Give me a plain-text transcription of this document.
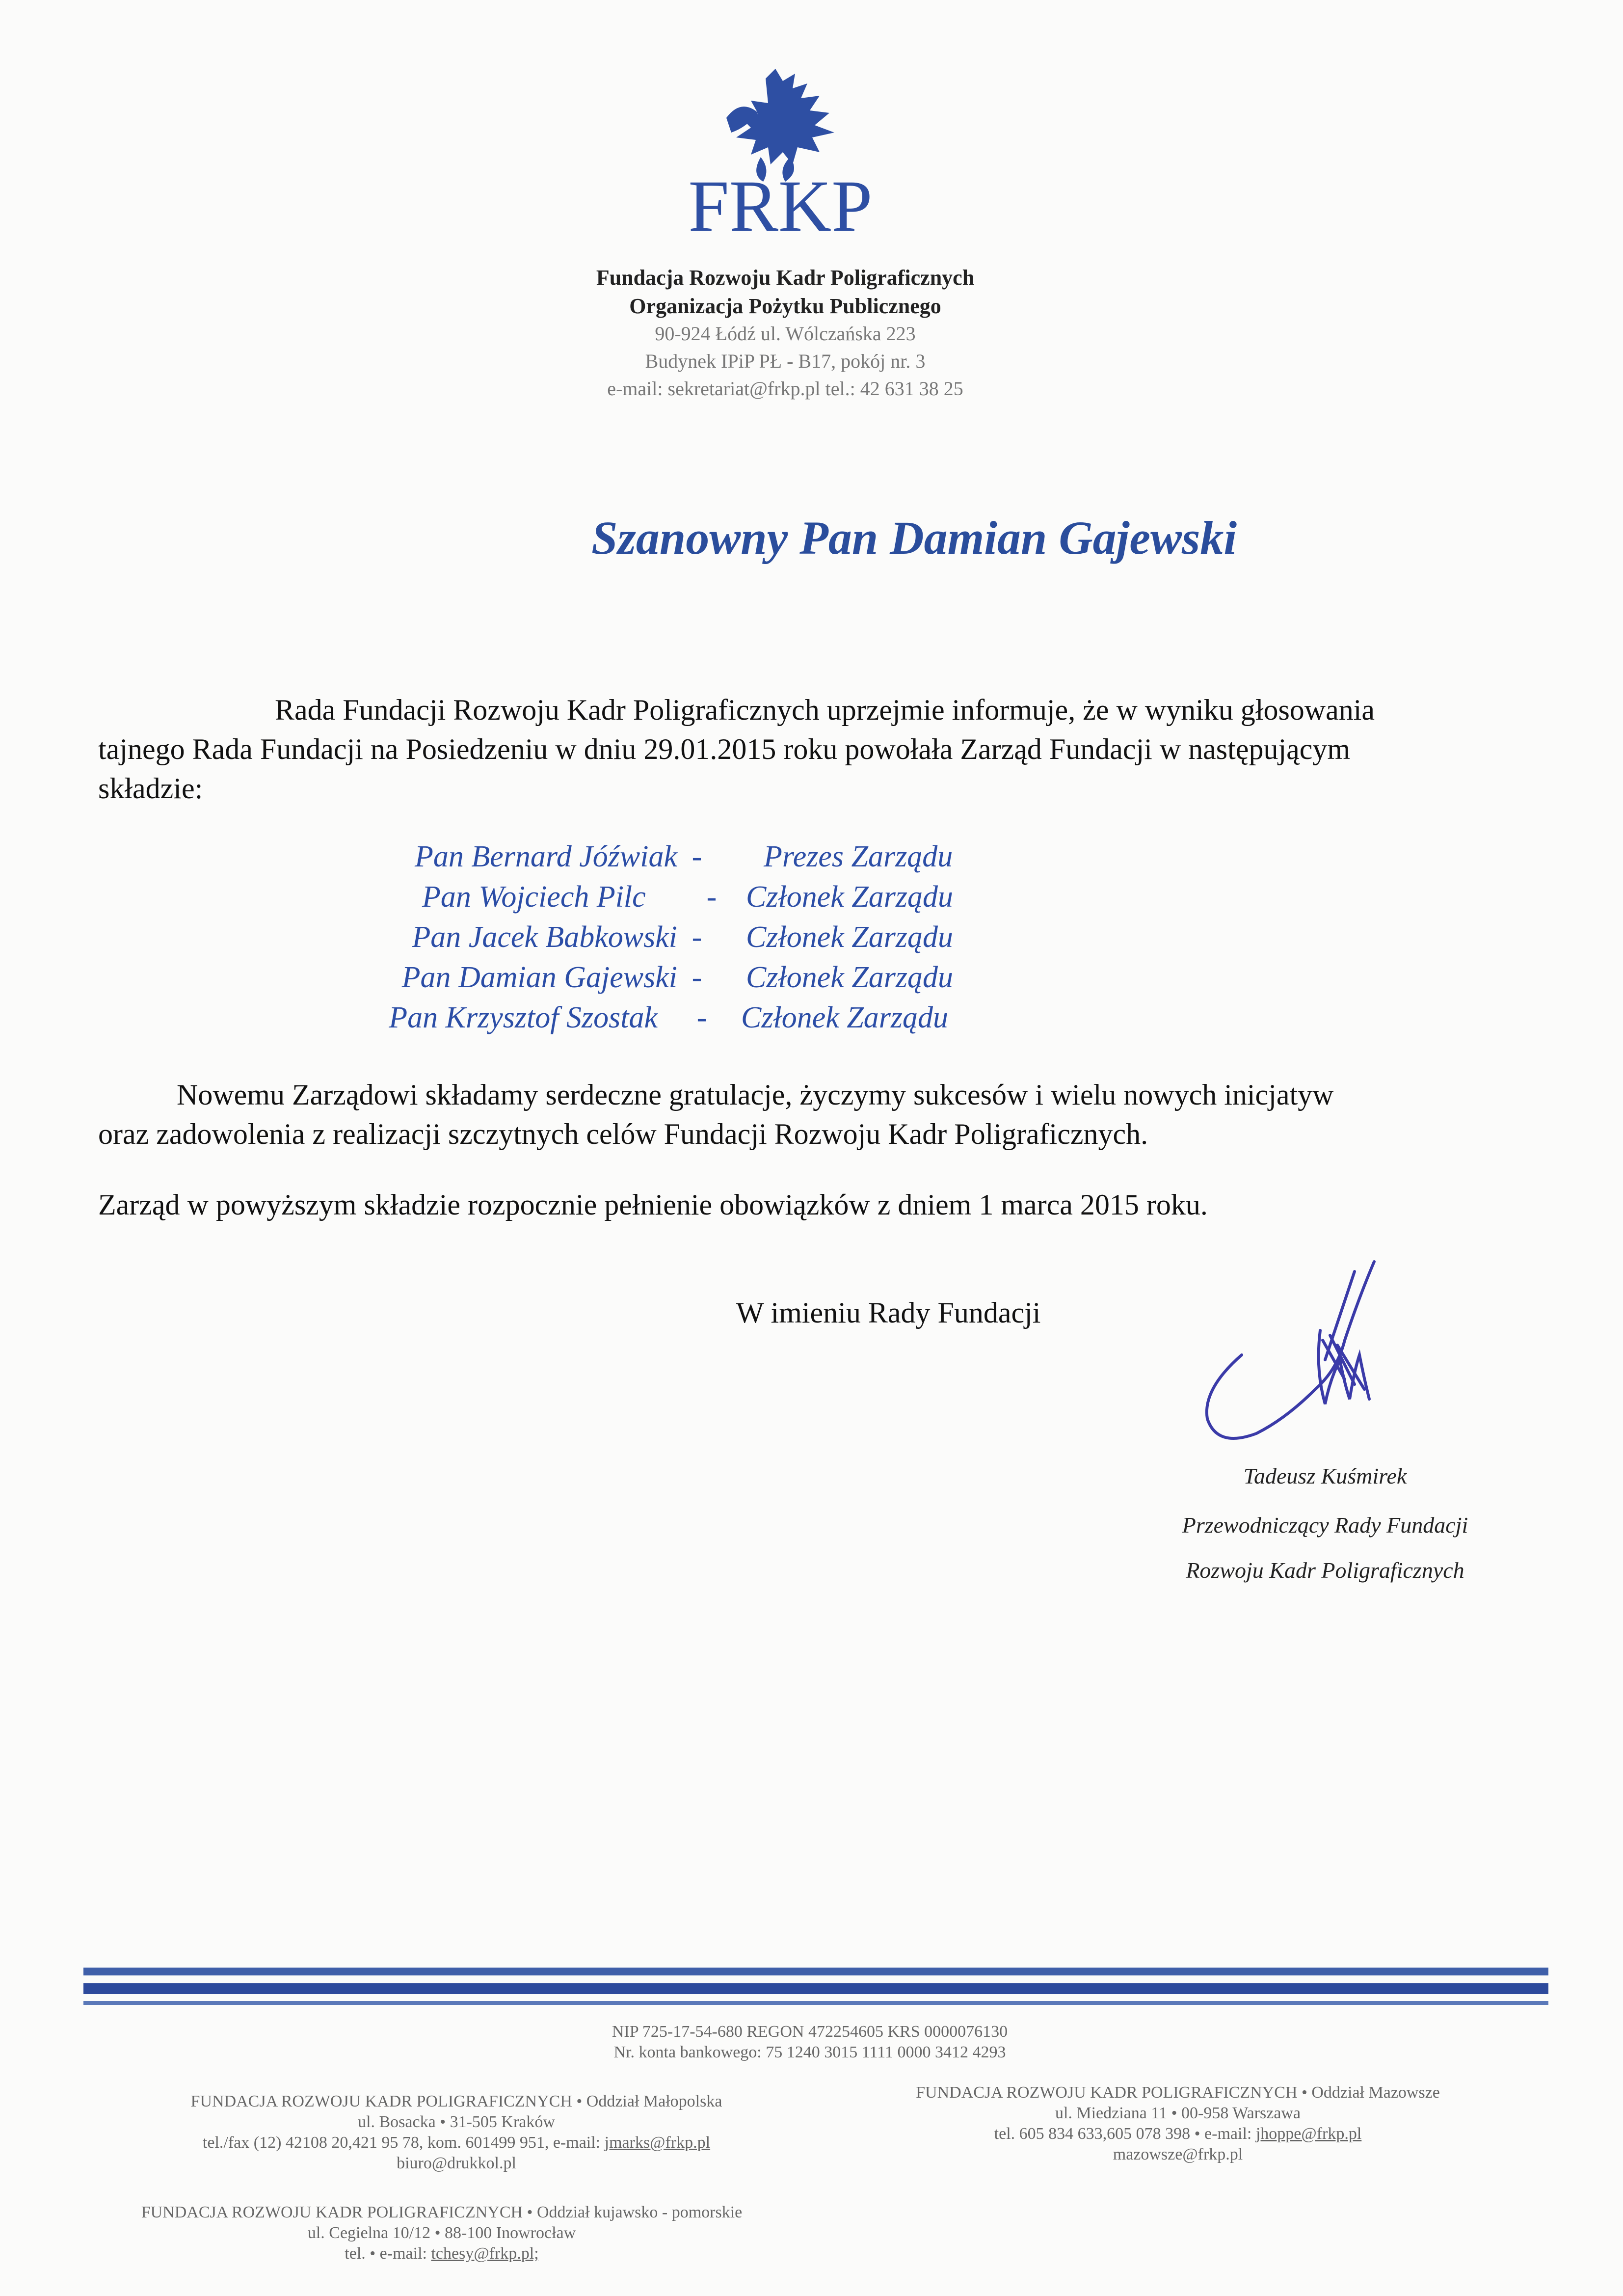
FRKP
Fundacja Rozwoju Kadr Poligraficznych
Organizacja Pożytku Publicznego
90-924 Łódź ul. Wólczańska 223
Budynek IPiP PŁ - B17, pokój nr. 3
e-mail: sekretariat@frkp.pl tel.: 42 631 38 25
Szanowny Pan Damian Gajewski
Rada Fundacji Rozwoju Kadr Poligraficznych uprzejmie informuje, że w wyniku głosowania
tajnego Rada Fundacji na Posiedzeniu w dniu 29.01.2015 roku powołała Zarząd Fundacji w następującym
składzie:
Pan Bernard Jóźwiak -	Prezes Zarządu
Pan Wojciech Pilc	- Członek Zarządu
Pan Jacek Babkowski -	Członek Zarządu
Pan Damian Gajewski -	Członek Zarządu
Pan Krzysztof Szostak	-	Członek Zarządu
Nowemu Zarządowi składamy serdeczne gratulacje, życzymy sukcesów i wielu nowych inicjatyw
oraz zadowolenia z realizacji szczytnych celów Fundacji Rozwoju Kadr Poligraficznych.
Zarząd w powyższym składzie rozpocznie pełnienie obowiązków z dniem 1 marca 2015 roku.
W imieniu Rady Fundacji
Tadeusz Kuśmirek
Przewodniczący Rady Fundacji
Rozwoju Kadr Poligraficznych
NIP 725-17-54-680 REGON 472254605 KRS 0000076130
Nr. konta bankowego: 75 1240 3015 1111 0000 3412 4293
FUNDACJA ROZWOJU KADR POLIGRAFICZNYCH • Oddział Małopolska
ul. Bosacka • 31-505 Kraków
tel./fax (12) 42108 20,421 95 78, kom. 601499 951, e-mail: jmarks@frkp.pl
biuro@drukkol.pl
FUNDACJA ROZWOJU KADR POLIGRAFICZNYCH • Oddział Mazowsze
ul. Miedziana 11 • 00-958 Warszawa
tel. 605 834 633,605 078 398 • e-mail: jhoppe@frkp.pl
mazowsze@frkp.pl
FUNDACJA ROZWOJU KADR POLIGRAFICZNYCH • Oddział kujawsko - pomorskie
ul. Cegielna 10/12 • 88-100 Inowrocław
tel. • e-mail: tchesy@frkp.pl;
